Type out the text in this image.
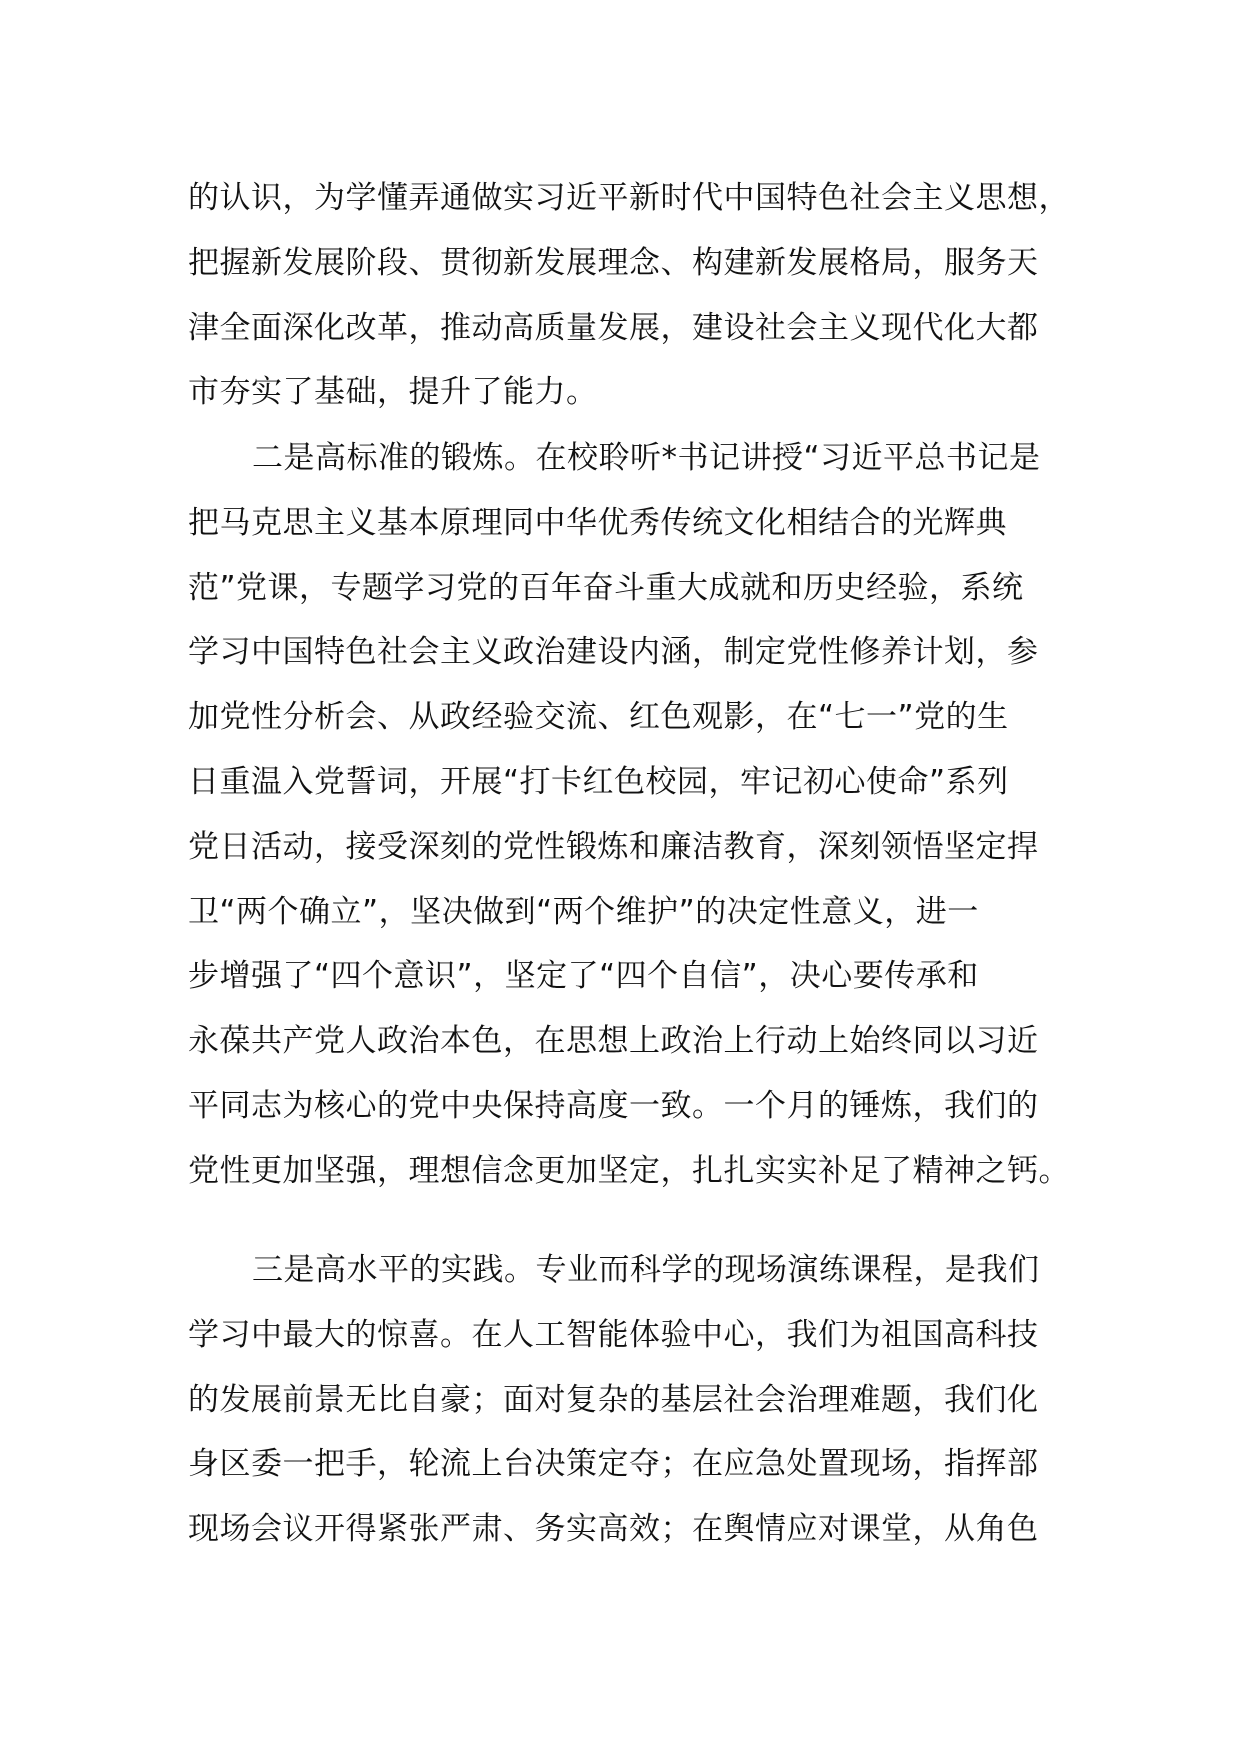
的认识，为学懂弄通做实习近平新时代中国特色社会主义思想，
把握新发展阶段、贯彻新发展理念、构建新发展格局，服务天
津全面深化改革，推动高质量发展，建设社会主义现代化大都
市夯实了基础，提升了能力。
二是高标准的锻炼。在校聆听*书记讲授“习近平总书记是
把马克思主义基本原理同中华优秀传统文化相结合的光辉典
范”党课，专题学习党的百年奋斗重大成就和历史经验，系统
学习中国特色社会主义政治建设内涵，制定党性修养计划，参
加党性分析会、从政经验交流、红色观影，在“七一”党的生
日重温入党誓词，开展“打卡红色校园，牢记初心使命”系列
党日活动，接受深刻的党性锻炼和廉洁教育，深刻领悟坚定捍
卫“两个确立”，坚决做到“两个维护”的决定性意义，进一
步增强了“四个意识”，坚定了“四个自信”，决心要传承和
永葆共产党人政治本色，在思想上政治上行动上始终同以习近
平同志为核心的党中央保持高度一致。一个月的锤炼，我们的
党性更加坚强，理想信念更加坚定，扎扎实实补足了精神之钙。
三是高水平的实践。专业而科学的现场演练课程，是我们
学习中最大的惊喜。在人工智能体验中心，我们为祖国高科技
的发展前景无比自豪；面对复杂的基层社会治理难题，我们化
身区委一把手，轮流上台决策定夺；在应急处置现场，指挥部
现场会议开得紧张严肃、务实高效；在舆情应对课堂，从角色
